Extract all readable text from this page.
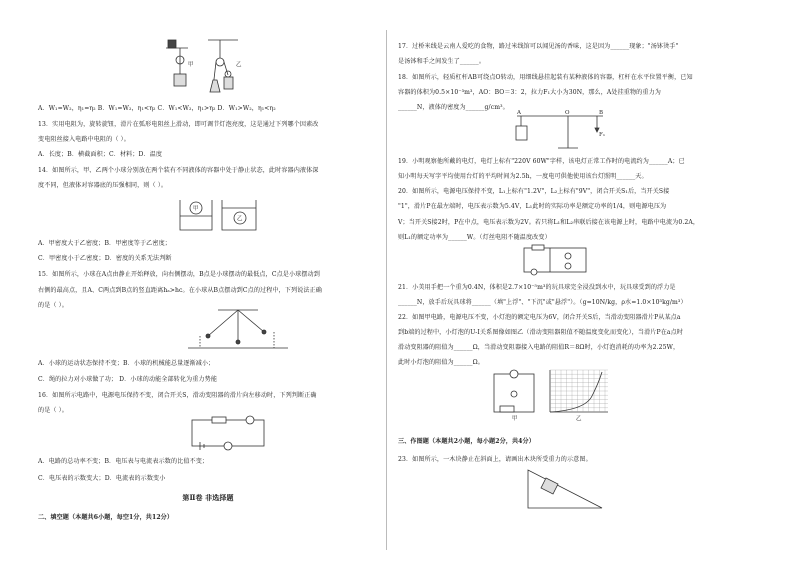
甲	乙
A．W₁=W₂，η₁=η₂ B．W₁=W₂，η₁<η₂ C．W₁<W₂，η₁>η₂ D．W₁>W₂，η₁<η₂
13．实用电阻为，旋转旋钮，滑片在弧形电阻丝上滑动，即可调节灯泡亮度，这是通过下列哪个因素改
变电阻丝接入电路中电阻的（ ）。
A．长度；B．横截面积；C．材料；D．温度
14．如图所示，甲、乙两个小球分别放在两个装有不同液体的容器中处于静止状态，此时容器内液体深
度不同，但液体对容器底的压强相同，则（ ）。
甲
乙
A．甲密度大于乙密度；B．甲密度等于乙密度；
C．甲密度小于乙密度；D．密度的关系无法判断
15．如图所示，小球在A点由静止开始释放，向右侧摆动，B点是小球摆动的最低点，C点是小球摆动到
右侧的最高点，且A、C两点到B点的竖直距离hₐ>hᴄ。在小球从B点摆动到C点的过程中，下列说法正确
的是（ ）。
A．小球的运动状态保持不变；B．小球的机械能总量逐渐减小；
C．绳的拉力对小球做了功； D．小球的动能全部转化为重力势能
16．如图所示电路中，电源电压保持不变，闭合开关S，滑动变阻器的滑片向左移动时，下列判断正确
的是（ ）。
A．电路的总功率不变；B．电压表与电流表示数的比值不变；
C．电压表的示数变大；D．电流表的示数变小
第Ⅱ卷 非选择题
二、填空题（本题共6小题，每空1分，共12分）
17．过桥米线是云南人爱吃的食物，路过米线馆可以闻见汤的香味，这是因为______现象；"汤钵烫手"
是汤钵和手之间发生了______。
18．如图所示，轻质杠杆AB可绕点O转动，用细线悬挂起装有某种液体的容器，杠杆在水平位置平衡，已知
容器的体积为0.5×10⁻³m³，AO：BO＝3：2，拉力F₁大小为30N，那么，A处挂重物的重力为
______N，液体的密度为______g/cm³。
A	O	B
F₁
19．小明观察他所戴的电灯，电灯上标有"220V 60W"字样，该电灯正常工作时的电流约为______A；已
知小明每天写字平均使用台灯的平均时间为2.5h，一度电可供他使用该台灯照明______天。
20．如图所示，电源电压保持不变，L₁上标有"1.2V"，L₂上标有"9V"，闭合开关S₁后，当开关S接
"1"，滑片P在最左端时，电压表示数为5.4V，L₁此时的实际功率是额定功率的1/4，则电源电压为
V；当开关S接2时，P在中点，电压表示数为2V。若只将L₁和L₂串联后接在该电源上时，电路中电流为0.2A，
则L₁的额定功率为______W。（灯丝电阻不随温度改变）
21．小美用手把一个重为0.4N，体积是2.7×10⁻⁵m³的玩具球完全浸没到水中，玩具球受到的浮力是
______N，放手后玩具球将______（填"上浮"、"下沉"或"悬浮"）。（g=10N/kg，ρ水=1.0×10³kg/m³）
22．如图甲电路，电源电压不变，小灯泡的额定电压为6V，闭合开关S后，当滑动变阻器滑片P从某点a
到b端的过程中，小灯泡的U-I关系图像如图乙（滑动变阻器阻值不随温度变化而变化），当滑片P在a点时
滑动变阻器的阻值为______Ω，当滑动变阻器接入电路的阻值R＝8Ω时，小灯泡消耗的功率为2.25W，
此时小灯泡的阻值为______Ω。
甲	乙
三、作图题（本题共2小题，每小题2分，共4分）
23．如图所示，一木块静止在斜面上，请画出木块所受重力的示意图。
